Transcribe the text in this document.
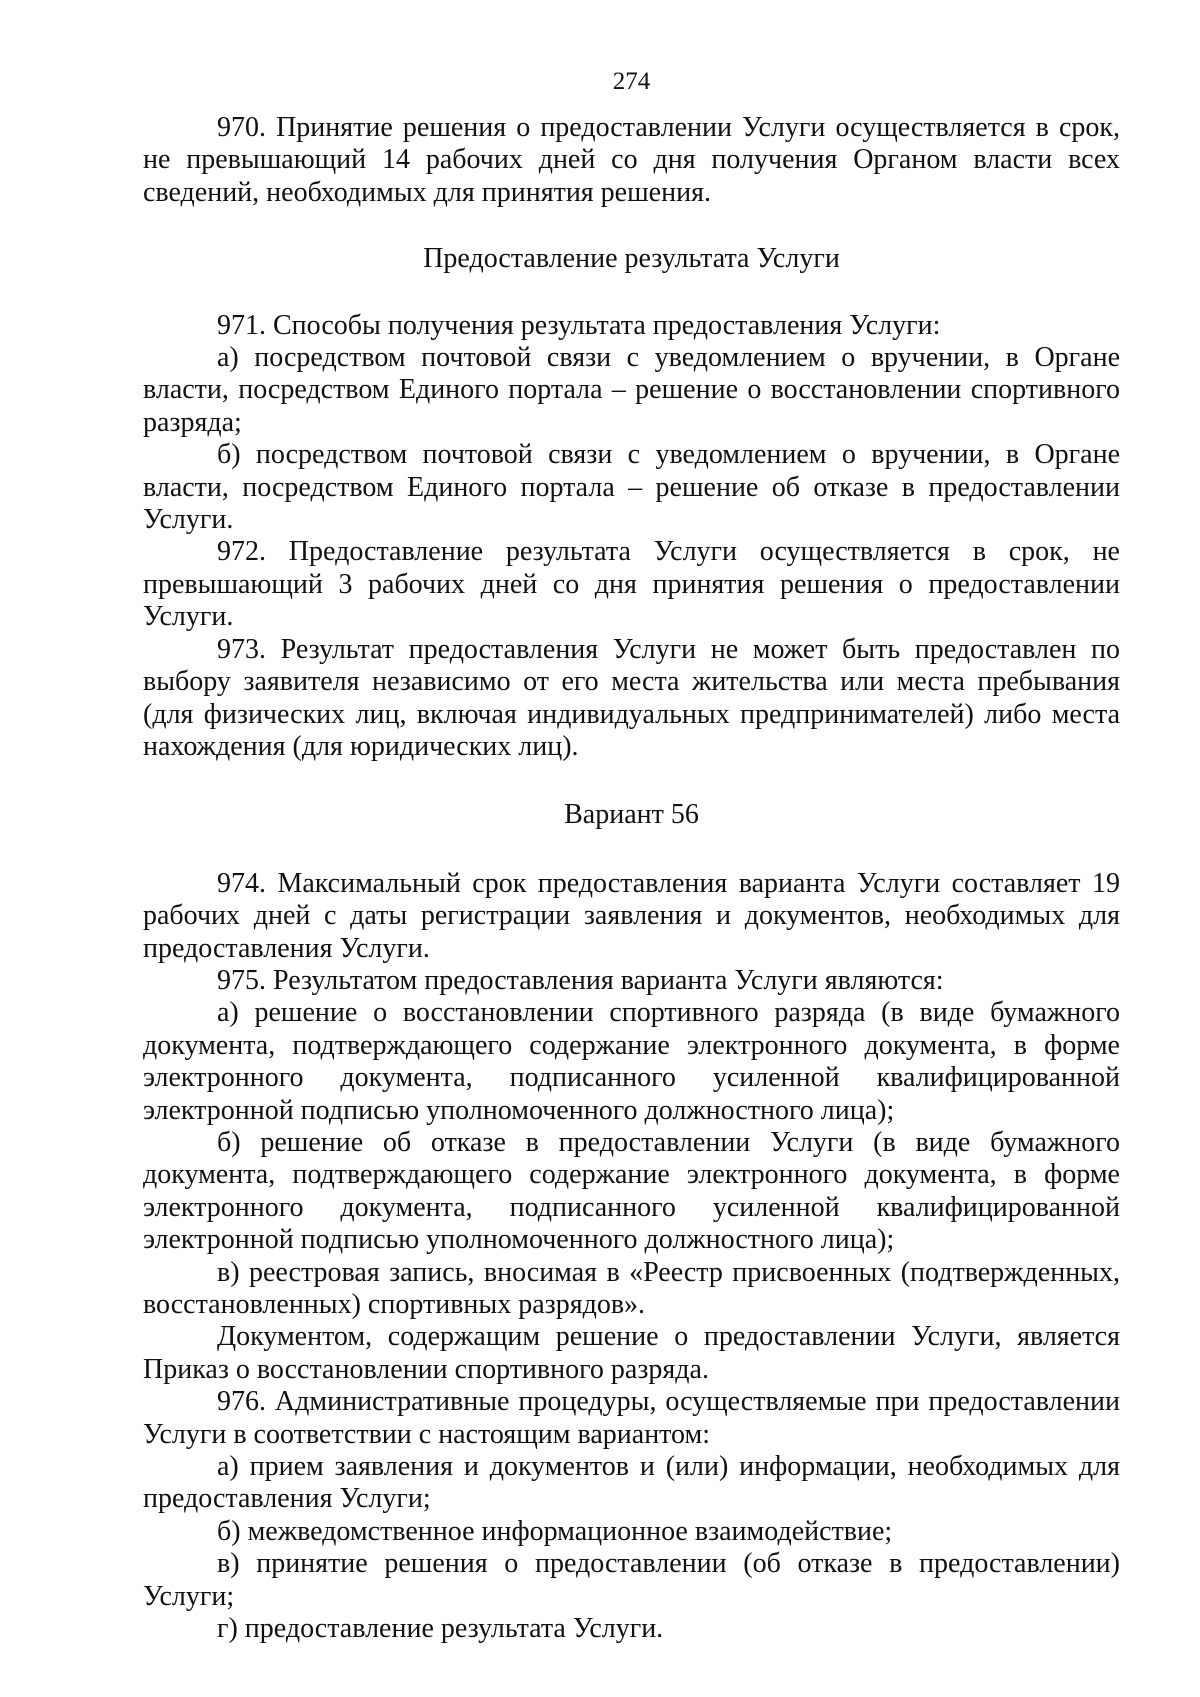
274

970. Принятие решения о предоставлении Услуги осуществляется в срок, не превышающий 14 рабочих дней со дня получения Органом власти всех сведений, необходимых для принятия решения.

Предоставление результата Услуги

971. Способы получения результата предоставления Услуги:

а) посредством почтовой связи с уведомлением о вручении, в Органе власти, посредством Единого портала – решение о восстановлении спортивного разряда;

б) посредством почтовой связи с уведомлением о вручении, в Органе власти, посредством Единого портала – решение об отказе в предоставлении Услуги.

972. Предоставление результата Услуги осуществляется в срок, не превышающий 3 рабочих дней со дня принятия решения о предоставлении Услуги.

973. Результат предоставления Услуги не может быть предоставлен по выбору заявителя независимо от его места жительства или места пребывания (для физических лиц, включая индивидуальных предпринимателей) либо места нахождения (для юридических лиц).

Вариант 56

974. Максимальный срок предоставления варианта Услуги составляет 19 рабочих дней с даты регистрации заявления и документов, необходимых для предоставления Услуги.

975. Результатом предоставления варианта Услуги являются:

а) решение о восстановлении спортивного разряда (в виде бумажного документа, подтверждающего содержание электронного документа, в форме электронного документа, подписанного усиленной квалифицированной электронной подписью уполномоченного должностного лица);

б) решение об отказе в предоставлении Услуги (в виде бумажного документа, подтверждающего содержание электронного документа, в форме электронного документа, подписанного усиленной квалифицированной электронной подписью уполномоченного должностного лица);

в) реестровая запись, вносимая в «Реестр присвоенных (подтвержденных, восстановленных) спортивных разрядов».

Документом, содержащим решение о предоставлении Услуги, является Приказ о восстановлении спортивного разряда.

976. Административные процедуры, осуществляемые при предоставлении Услуги в соответствии с настоящим вариантом:

а) прием заявления и документов и (или) информации, необходимых для предоставления Услуги;

б) межведомственное информационное взаимодействие;

в) принятие решения о предоставлении (об отказе в предоставлении) Услуги;

г) предоставление результата Услуги.
